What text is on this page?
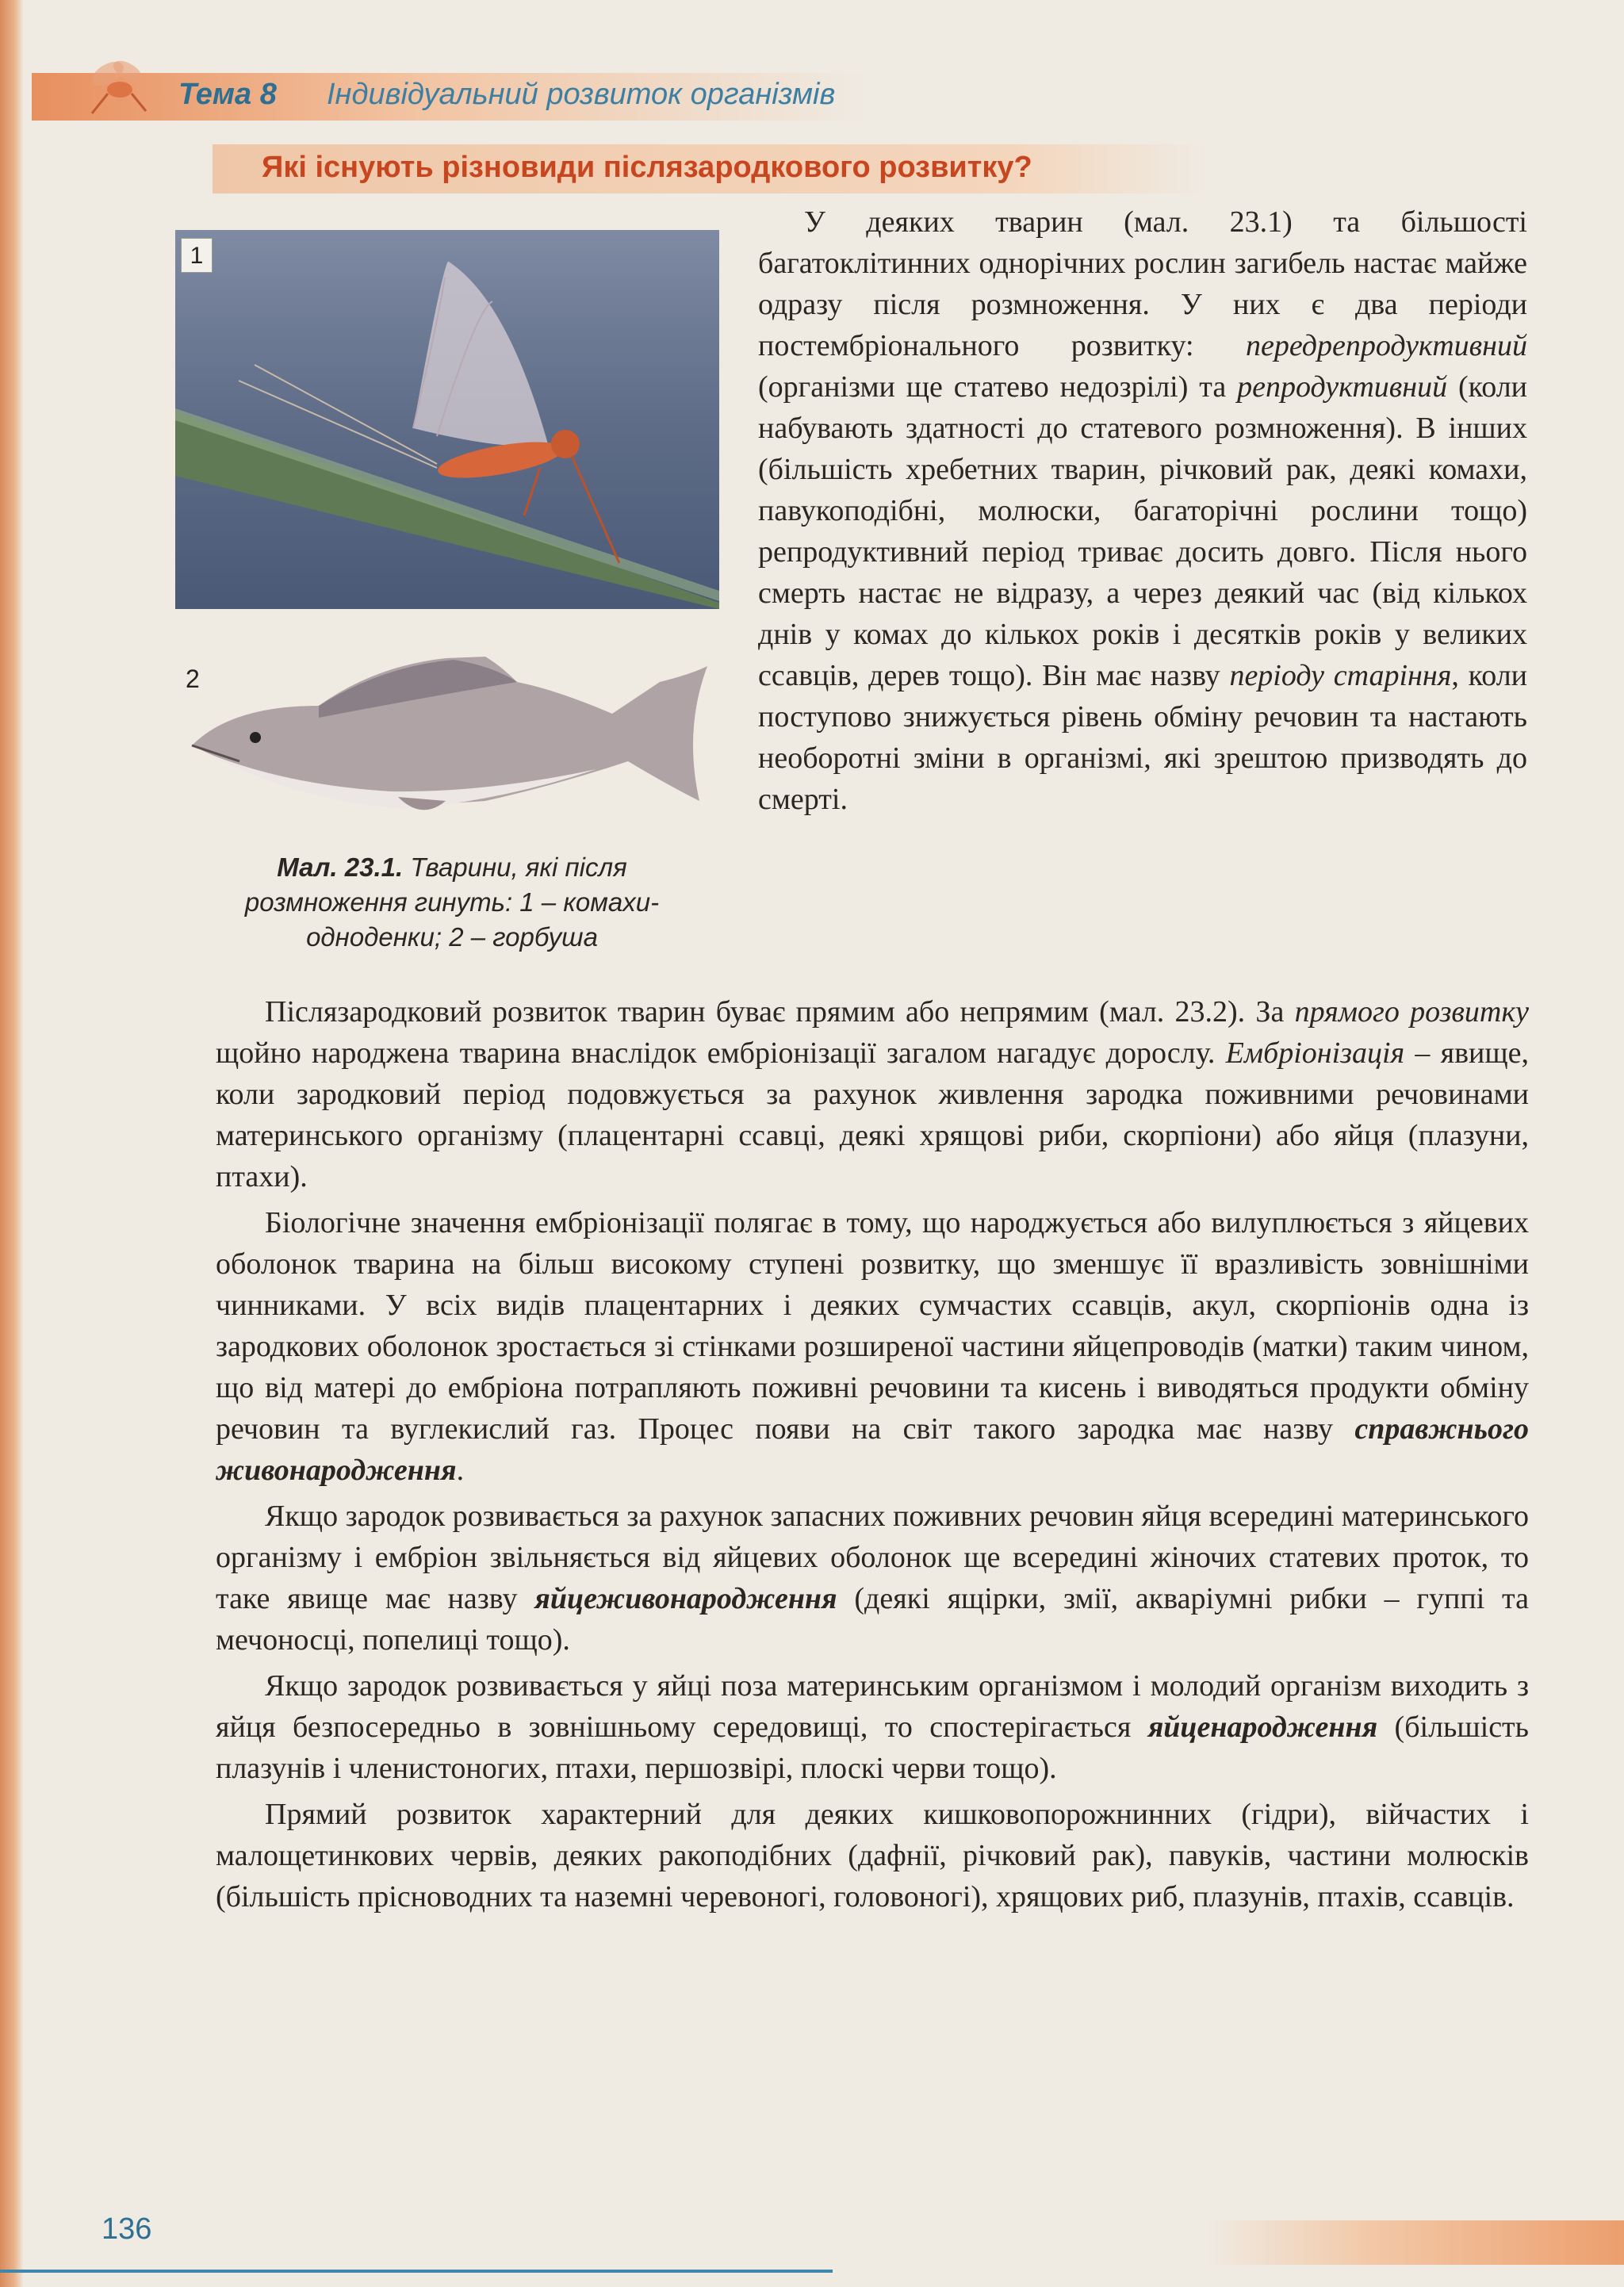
Тема 8 Індивідуальний розвиток організмів
Які існують різновиди післязародкового розвитку?
1
2
Мал. 23.1. Тварини, які після розмноження гинуть: 1 – комахи-одноденки; 2 – горбуша

У деяких тварин (мал. 23.1) та більшості багатоклітинних однорічних рослин загибель настає майже одразу після розмноження. У них є два періоди постембріонального розвитку: передрепродуктивний (організми ще статево недозрілі) та репродуктивний (коли набувають здатності до статевого розмноження). В інших (більшість хребетних тварин, річковий рак, деякі комахи, павукоподібні, молюски, багаторічні рослини тощо) репродуктивний період триває досить довго. Після нього смерть настає не відразу, а через деякий час (від кількох днів у комах до кількох років і десятків років у великих ссавців, дерев тощо). Він має назву періоду старіння, коли поступово знижується рівень обміну речовин та настають необоротні зміни в організмі, які зрештою призводять до смерті.

Післязародковий розвиток тварин буває прямим або непрямим (мал. 23.2). За прямого розвитку щойно народжена тварина внаслідок ембріонізації загалом нагадує дорослу. Ембріонізація – явище, коли зародковий період подовжується за рахунок живлення зародка поживними речовинами материнського організму (плацентарні ссавці, деякі хрящові риби, скорпіони) або яйця (плазуни, птахи).

Біологічне значення ембріонізації полягає в тому, що народжується або вилуплюється з яйцевих оболонок тварина на більш високому ступені розвитку, що зменшує її вразливість зовнішніми чинниками. У всіх видів плацентарних і деяких сумчастих ссавців, акул, скорпіонів одна із зародкових оболонок зростається зі стінками розширеної частини яйцепроводів (матки) таким чином, що від матері до ембріона потрапляють поживні речовини та кисень і виводяться продукти обміну речовин та вуглекислий газ. Процес появи на світ такого зародка має назву справжнього живонародження.

Якщо зародок розвивається за рахунок запасних поживних речовин яйця всередині материнського організму і ембріон звільняється від яйцевих оболонок ще всередині жіночих статевих проток, то таке явище має назву яйцеживонародження (деякі ящірки, змії, акваріумні рибки – гуппі та мечоносці, попелиці тощо).

Якщо зародок розвивається у яйці поза материнським організмом і молодий організм виходить з яйця безпосередньо в зовнішньому середовищі, то спостерігається яйценародження (більшість плазунів і членистоногих, птахи, першозвірі, плоскі черви тощо).

Прямий розвиток характерний для деяких кишковопорожнинних (гідри), війчастих і малощетинкових червів, деяких ракоподібних (дафнії, річковий рак), павуків, частини молюсків (більшість прісноводних та наземні черевоногі, головоногі), хрящових риб, плазунів, птахів, ссавців.

136
